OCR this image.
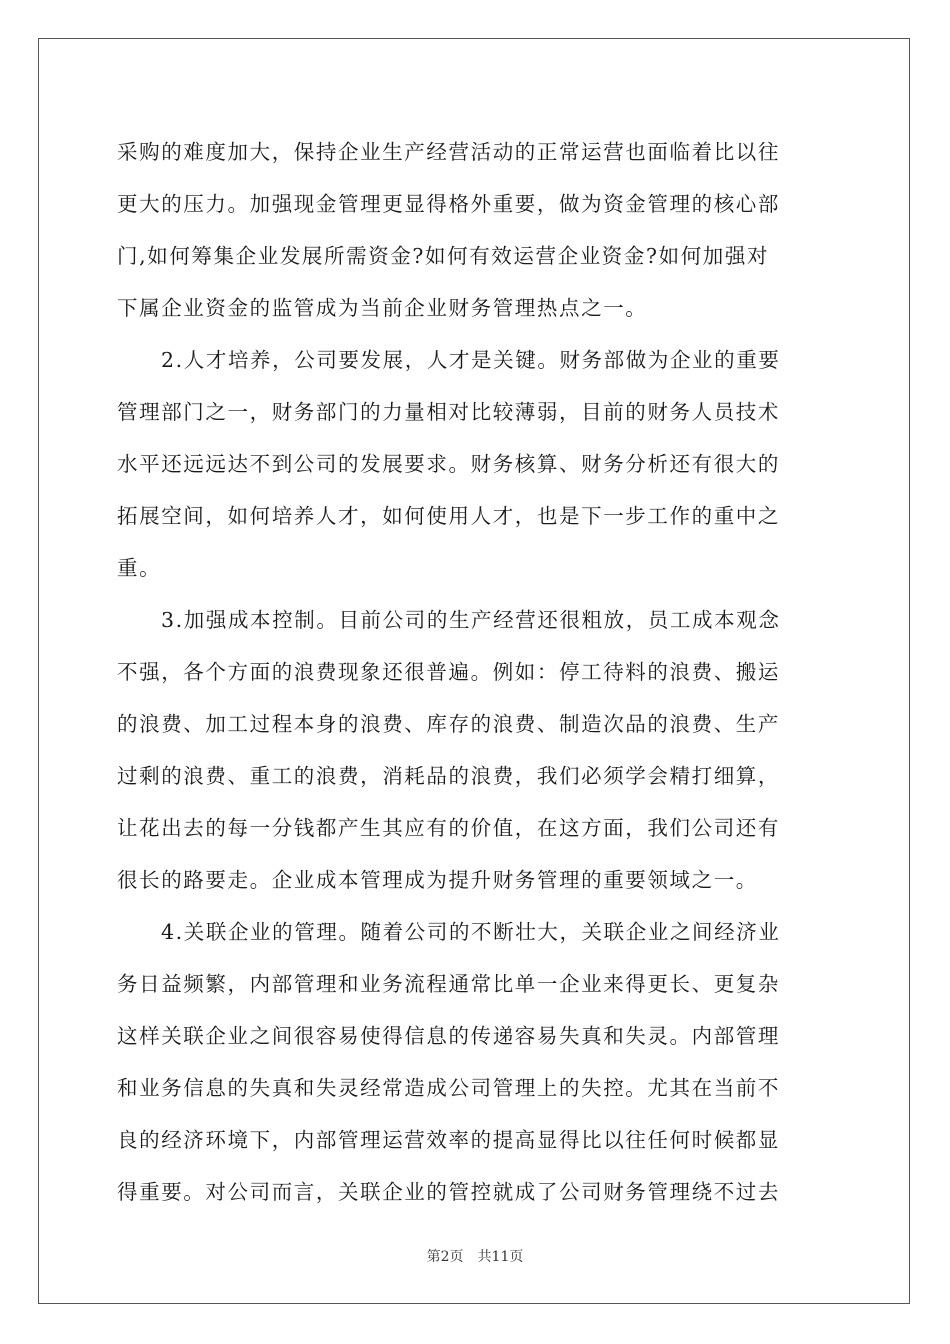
采购的难度加大，保持企业生产经营活动的正常运营也面临着比以往
更大的压力。加强现金管理更显得格外重要，做为资金管理的核心部
门,如何筹集企业发展所需资金?如何有效运营企业资金?如何加强对
下属企业资金的监管成为当前企业财务管理热点之一。
2.人才培养，公司要发展，人才是关键。财务部做为企业的重要
管理部门之一，财务部门的力量相对比较薄弱，目前的财务人员技术
水平还远远达不到公司的发展要求。财务核算、财务分析还有很大的
拓展空间，如何培养人才，如何使用人才，也是下一步工作的重中之
重。
3.加强成本控制。目前公司的生产经营还很粗放，员工成本观念
不强，各个方面的浪费现象还很普遍。例如：停工待料的浪费、搬运
的浪费、加工过程本身的浪费、库存的浪费、制造次品的浪费、生产
过剩的浪费、重工的浪费，消耗品的浪费，我们必须学会精打细算，
让花出去的每一分钱都产生其应有的价值，在这方面，我们公司还有
很长的路要走。企业成本管理成为提升财务管理的重要领域之一。
4.关联企业的管理。随着公司的不断壮大，关联企业之间经济业
务日益频繁，内部管理和业务流程通常比单一企业来得更长、更复杂
这样关联企业之间很容易使得信息的传递容易失真和失灵。内部管理
和业务信息的失真和失灵经常造成公司管理上的失控。尤其在当前不
良的经济环境下，内部管理运营效率的提高显得比以往任何时候都显
得重要。对公司而言，关联企业的管控就成了公司财务管理绕不过去
第2页 共11页
